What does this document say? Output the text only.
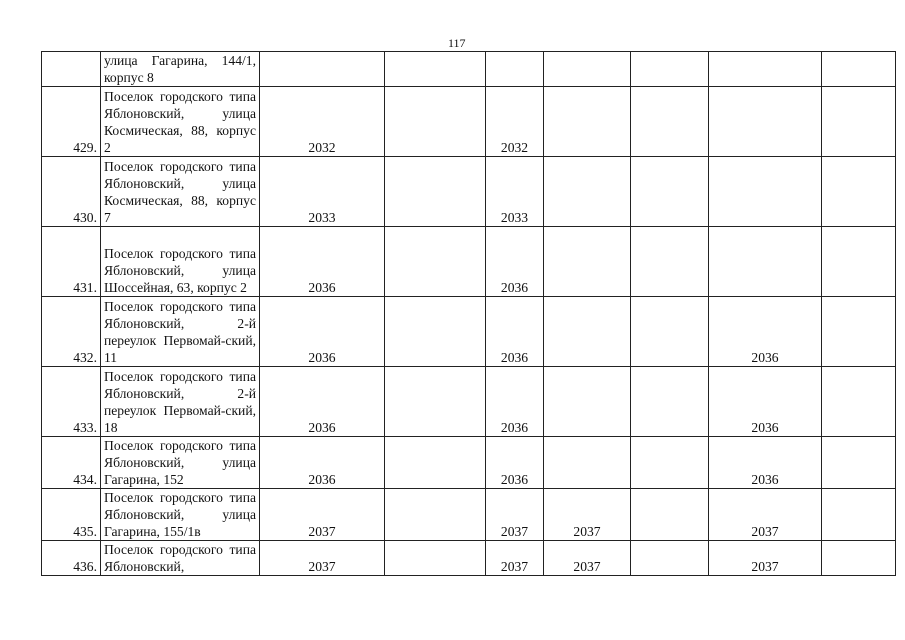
117
	улица Гагарина, 144/1, корпус 8							
429.	Поселок городского типа Яблоновский, улица Космическая, 88, корпус 2	2032		2032				
430.	Поселок городского типа Яблоновский, улица Космическая, 88, корпус 7	2033		2033				
431.	Поселок городского типа Яблоновский, улица Шоссейная, 63, корпус 2	2036		2036				
432.	Поселок городского типа Яблоновский, 2-й переулок Первомай-ский, 11	2036		2036			2036	
433.	Поселок городского типа Яблоновский, 2-й переулок Первомай-ский, 18	2036		2036			2036	
434.	Поселок городского типа Яблоновский, улица Гагарина, 152	2036		2036			2036	
435.	Поселок городского типа Яблоновский, улица Гагарина, 155/1в	2037		2037	2037		2037	
436.	Поселок городского типа Яблоновский,	2037		2037	2037		2037	
